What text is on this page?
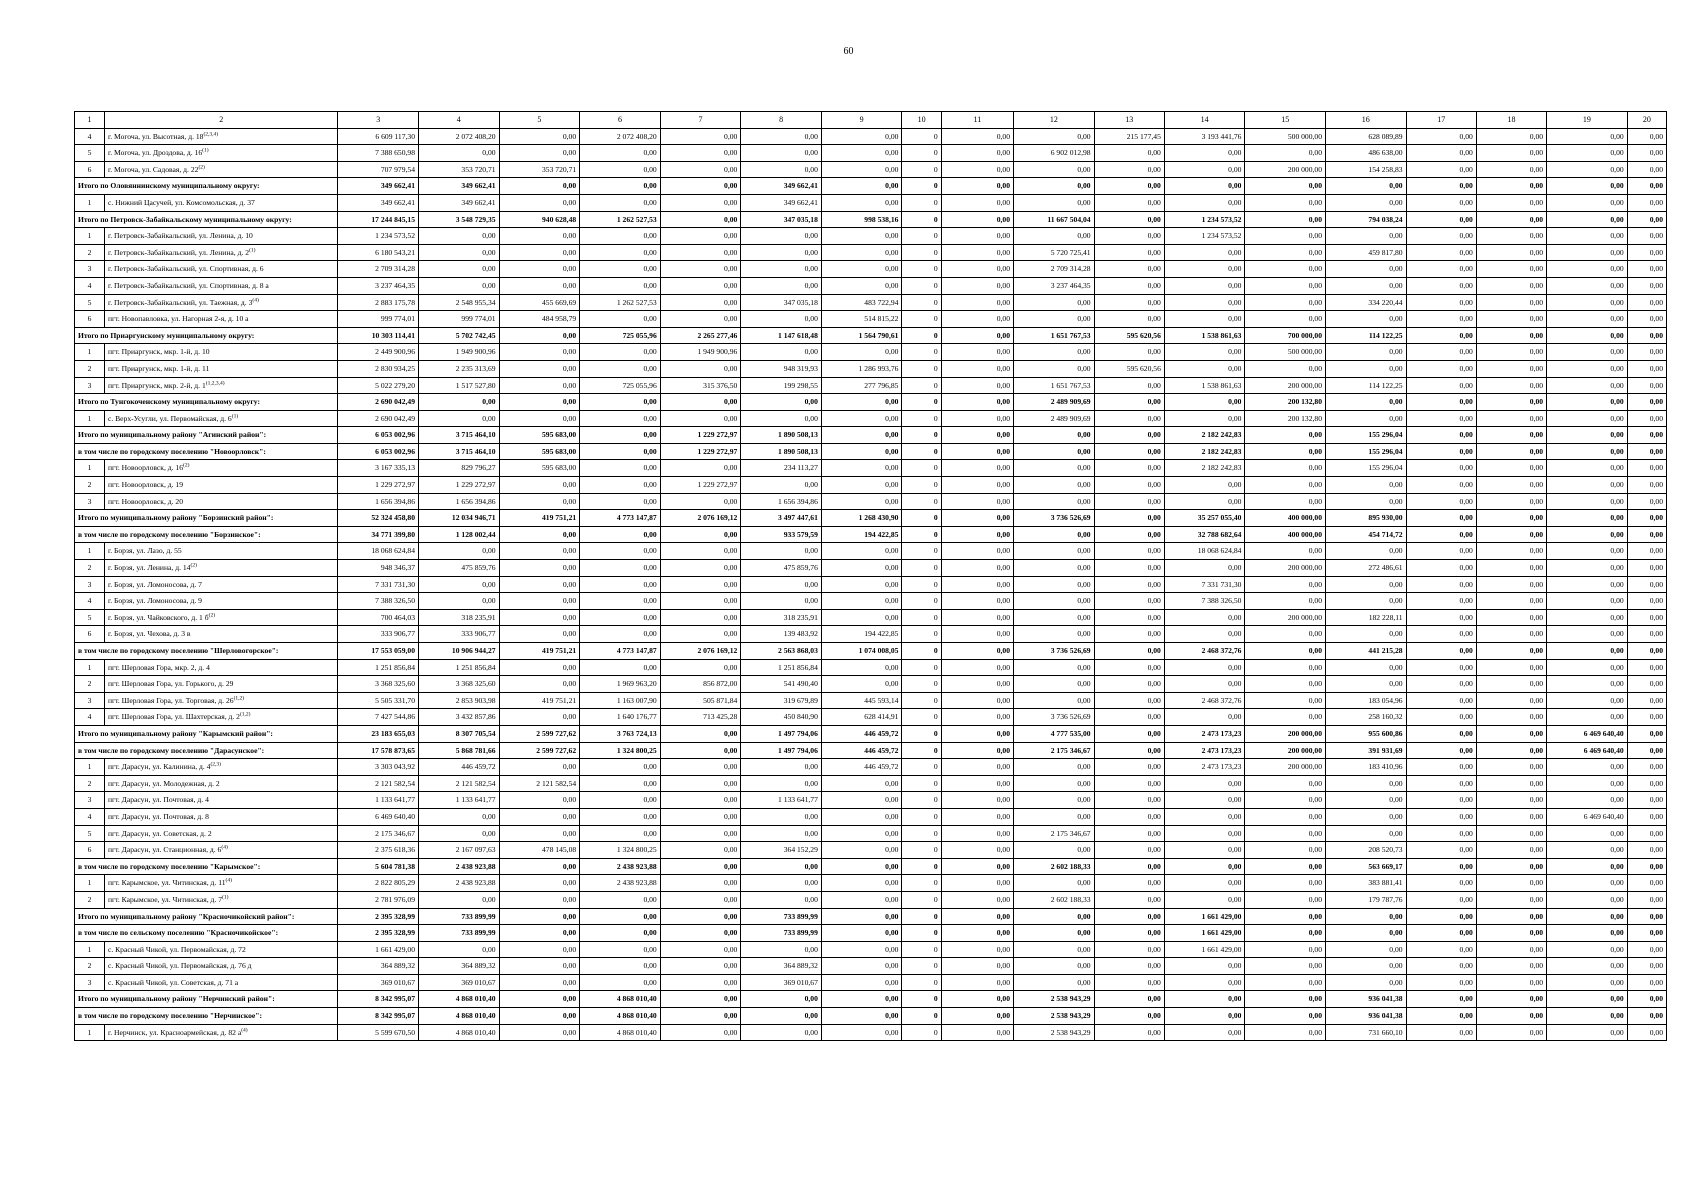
60
1	2	3	4	5	6	7	8	9	10	11	12	13	14	15	16	17	18	19	20
4	г. Могоча, ул. Высотная, д. 18$^{(2,3,4)}$	6 609 117,30	2 072 408,20	0,00	2 072 408,20	0,00	0,00	0,00	0	0,00	0,00	215 177,45	3 193 441,76	500 000,00	628 089,89	0,00	0,00	0,00	0,00
5	г. Могоча, ул. Дроздова, д. 16$^{(1)}$	7 388 650,98	0,00	0,00	0,00	0,00	0,00	0,00	0	0,00	6 902 012,98	0,00	0,00	0,00	486 638,00	0,00	0,00	0,00	0,00
6	г. Могоча, ул. Садовая, д. 22$^{(2)}$	707 979,54	353 720,71	353 720,71	0,00	0,00	0,00	0,00	0	0,00	0,00	0,00	0,00	200 000,00	154 258,83	0,00	0,00	0,00	0,00
Итого по Оловяннинскому муниципальному округу:		349 662,41	349 662,41	0,00	0,00	0,00	349 662,41	0,00	0	0,00	0,00	0,00	0,00	0,00	0,00	0,00	0,00	0,00	0,00
1	с. Нижний Цасучей, ул. Комсомольская, д. 37	349 662,41	349 662,41	0,00	0,00	0,00	349 662,41	0,00	0	0,00	0,00	0,00	0,00	0,00	0,00	0,00	0,00	0,00	0,00
Итого по Петровск-Забайкальскому муниципальному округу:		17 244 845,15	3 548 729,35	940 628,48	1 262 527,53	0,00	347 035,18	998 538,16	0	0,00	11 667 504,04	0,00	1 234 573,52	0,00	794 038,24	0,00	0,00	0,00	0,00
1	г. Петровск-Забайкальский, ул. Ленина, д. 10	1 234 573,52	0,00	0,00	0,00	0,00	0,00	0,00	0	0,00	0,00	0,00	1 234 573,52	0,00	0,00	0,00	0,00	0,00	0,00
2	г. Петровск-Забайкальский, ул. Ленина, д. 2$^{(1)}$	6 180 543,21	0,00	0,00	0,00	0,00	0,00	0,00	0	0,00	5 720 725,41	0,00	0,00	0,00	459 817,80	0,00	0,00	0,00	0,00
3	г. Петровск-Забайкальский, ул. Спортивная, д. 6	2 709 314,28	0,00	0,00	0,00	0,00	0,00	0,00	0	0,00	2 709 314,28	0,00	0,00	0,00	0,00	0,00	0,00	0,00	0,00
4	г. Петровск-Забайкальский, ул. Спортивная, д. 8 а	3 237 464,35	0,00	0,00	0,00	0,00	0,00	0,00	0	0,00	3 237 464,35	0,00	0,00	0,00	0,00	0,00	0,00	0,00	0,00
5	г. Петровск-Забайкальский, ул. Таежная, д. 3$^{(4)}$	2 883 175,78	2 548 955,34	455 669,69	1 262 527,53	0,00	347 035,18	483 722,94	0	0,00	0,00	0,00	0,00	0,00	334 220,44	0,00	0,00	0,00	0,00
6	пгт. Новопавловка, ул. Нагорная 2-я, д. 10 а	999 774,01	999 774,01	484 958,79	0,00	0,00	0,00	514 815,22	0	0,00	0,00	0,00	0,00	0,00	0,00	0,00	0,00	0,00	0,00
Итого по Приаргунскому муниципальному округу:		10 303 114,41	5 702 742,45	0,00	725 055,96	2 265 277,46	1 147 618,48	1 564 790,61	0	0,00	1 651 767,53	595 620,56	1 538 861,63	700 000,00	114 122,25	0,00	0,00	0,00	0,00
1	пгт. Приаргунск, мкр. 1-й, д. 10	2 449 900,96	1 949 900,96	0,00	0,00	1 949 900,96	0,00	0,00	0	0,00	0,00	0,00	0,00	500 000,00	0,00	0,00	0,00	0,00	0,00
2	пгт. Приаргунск, мкр. 1-й, д. 11	2 830 934,25	2 235 313,69	0,00	0,00	0,00	948 319,93	1 286 993,76	0	0,00	0,00	595 620,56	0,00	0,00	0,00	0,00	0,00	0,00	0,00
3	пгт. Приаргунск, мкр. 2-й, д. 1$^{(1,2,3,4)}$	5 022 279,20	1 517 527,80	0,00	725 055,96	315 376,50	199 298,55	277 796,85	0	0,00	1 651 767,53	0,00	1 538 861,63	200 000,00	114 122,25	0,00	0,00	0,00	0,00
Итого по Тунгокоченскому муниципальному округу:		2 690 042,49	0,00	0,00	0,00	0,00	0,00	0,00	0	0,00	2 489 909,69	0,00	0,00	200 132,80	0,00	0,00	0,00	0,00	0,00
1	с. Верх-Усугли, ул. Первомайская, д. 6$^{(1)}$	2 690 042,49	0,00	0,00	0,00	0,00	0,00	0,00	0	0,00	2 489 909,69	0,00	0,00	200 132,80	0,00	0,00	0,00	0,00	0,00
Итого по муниципальному району "Агинский район":		6 053 002,96	3 715 464,10	595 683,00	0,00	1 229 272,97	1 890 508,13	0,00	0	0,00	0,00	0,00	2 182 242,83	0,00	155 296,04	0,00	0,00	0,00	0,00
в том числе по городскому поселению "Новоорловск":		6 053 002,96	3 715 464,10	595 683,00	0,00	1 229 272,97	1 890 508,13	0,00	0	0,00	0,00	0,00	2 182 242,83	0,00	155 296,04	0,00	0,00	0,00	0,00
1	пгт. Новоорловск, д. 16$^{(2)}$	3 167 335,13	829 796,27	595 683,00	0,00	0,00	234 113,27	0,00	0	0,00	0,00	0,00	2 182 242,83	0,00	155 296,04	0,00	0,00	0,00	0,00
2	пгт. Новоорловск, д. 19	1 229 272,97	1 229 272,97	0,00	0,00	1 229 272,97	0,00	0,00	0	0,00	0,00	0,00	0,00	0,00	0,00	0,00	0,00	0,00	0,00
3	пгт. Новоорловск, д. 20	1 656 394,86	1 656 394,86	0,00	0,00	0,00	1 656 394,86	0,00	0	0,00	0,00	0,00	0,00	0,00	0,00	0,00	0,00	0,00	0,00
Итого по муниципальному району "Борзинский район":		52 324 458,80	12 034 946,71	419 751,21	4 773 147,87	2 076 169,12	3 497 447,61	1 268 430,90	0	0,00	3 736 526,69	0,00	35 257 055,40	400 000,00	895 930,00	0,00	0,00	0,00	0,00
в том числе по городскому поселению "Борзинское":		34 771 399,80	1 128 002,44	0,00	0,00	0,00	933 579,59	194 422,85	0	0,00	0,00	0,00	32 788 682,64	400 000,00	454 714,72	0,00	0,00	0,00	0,00
1	г. Борзя, ул. Лазо, д. 55	18 068 624,84	0,00	0,00	0,00	0,00	0,00	0,00	0	0,00	0,00	0,00	18 068 624,84	0,00	0,00	0,00	0,00	0,00	0,00
2	г. Борзя, ул. Ленина, д. 14$^{(2)}$	948 346,37	475 859,76	0,00	0,00	0,00	475 859,76	0,00	0	0,00	0,00	0,00	0,00	200 000,00	272 486,61	0,00	0,00	0,00	0,00
3	г. Борзя, ул. Ломоносова, д. 7	7 331 731,30	0,00	0,00	0,00	0,00	0,00	0,00	0	0,00	0,00	0,00	7 331 731,30	0,00	0,00	0,00	0,00	0,00	0,00
4	г. Борзя, ул. Ломоносова, д. 9	7 388 326,50	0,00	0,00	0,00	0,00	0,00	0,00	0	0,00	0,00	0,00	7 388 326,50	0,00	0,00	0,00	0,00	0,00	0,00
5	г. Борзя, ул. Чайковского, д. 1 $б^{(2)}$	700 464,03	318 235,91	0,00	0,00	0,00	318 235,91	0,00	0	0,00	0,00	0,00	0,00	200 000,00	182 228,11	0,00	0,00	0,00	0,00
6	г. Борзя, ул. Чехова, д. 3 в	333 906,77	333 906,77	0,00	0,00	0,00	139 483,92	194 422,85	0	0,00	0,00	0,00	0,00	0,00	0,00	0,00	0,00	0,00	0,00
в том числе по городскому поселению "Шерловогорское":		17 553 059,00	10 906 944,27	419 751,21	4 773 147,87	2 076 169,12	2 563 868,03	1 074 008,05	0	0,00	3 736 526,69	0,00	2 468 372,76	0,00	441 215,28	0,00	0,00	0,00	0,00
1	пгт. Шерловая Гора, мкр. 2, д. 4	1 251 856,84	1 251 856,84	0,00	0,00	0,00	1 251 856,84	0,00	0	0,00	0,00	0,00	0,00	0,00	0,00	0,00	0,00	0,00	0,00
2	пгт. Шерловая Гора, ул. Горького, д. 29	3 368 325,60	3 368 325,60	0,00	1 969 963,20	856 872,00	541 490,40	0,00	0	0,00	0,00	0,00	0,00	0,00	0,00	0,00	0,00	0,00	0,00
3	пгт. Шерловая Гора, ул. Торговая, д. 26$^{(1,2)}$	5 505 331,70	2 853 903,98	419 751,21	1 163 007,90	505 871,84	319 679,89	445 593,14	0	0,00	0,00	0,00	2 468 372,76	0,00	183 054,96	0,00	0,00	0,00	0,00
4	пгт. Шерловая Гора, ул. Шахтерская, д. 2$^{(1,2)}$	7 427 544,86	3 432 857,86	0,00	1 640 176,77	713 425,28	450 840,90	628 414,91	0	0,00	3 736 526,69	0,00	0,00	0,00	258 160,32	0,00	0,00	0,00	0,00
Итого по муниципальному району "Карымский район":		23 183 655,03	8 307 705,54	2 599 727,62	3 763 724,13	0,00	1 497 794,06	446 459,72	0	0,00	4 777 535,00	0,00	2 473 173,23	200 000,00	955 600,86	0,00	0,00	6 469 640,40	0,00
в том числе по городскому поселению "Дарасунское":		17 578 873,65	5 868 781,66	2 599 727,62	1 324 800,25	0,00	1 497 794,06	446 459,72	0	0,00	2 175 346,67	0,00	2 473 173,23	200 000,00	391 931,69	0,00	0,00	6 469 640,40	0,00
1	пгт. Дарасун, ул. Калинина, д. 4$^{(2,3)}$	3 303 043,92	446 459,72	0,00	0,00	0,00	0,00	446 459,72	0	0,00	0,00	0,00	2 473 173,23	200 000,00	183 410,96	0,00	0,00	0,00	0,00
2	пгт. Дарасун, ул. Молодежная, д. 2	2 121 582,54	2 121 582,54	2 121 582,54	0,00	0,00	0,00	0,00	0	0,00	0,00	0,00	0,00	0,00	0,00	0,00	0,00	0,00	0,00
3	пгт. Дарасун, ул. Почтовая, д. 4	1 133 641,77	1 133 641,77	0,00	0,00	0,00	1 133 641,77	0,00	0	0,00	0,00	0,00	0,00	0,00	0,00	0,00	0,00	0,00	0,00
4	пгт. Дарасун, ул. Почтовая, д. 8	6 469 640,40	0,00	0,00	0,00	0,00	0,00	0,00	0	0,00	0,00	0,00	0,00	0,00	0,00	0,00	0,00	6 469 640,40	0,00
5	пгт. Дарасун, ул. Советская, д. 2	2 175 346,67	0,00	0,00	0,00	0,00	0,00	0,00	0	0,00	2 175 346,67	0,00	0,00	0,00	0,00	0,00	0,00	0,00	0,00
6	пгт. Дарасун, ул. Станционная, д. 6$^{(4)}$	2 375 618,36	2 167 097,63	478 145,08	1 324 800,25	0,00	364 152,29	0,00	0	0,00	0,00	0,00	0,00	0,00	208 520,73	0,00	0,00	0,00	0,00
в том числе по городскому поселению "Карымское":		5 604 781,38	2 438 923,88	0,00	2 438 923,88	0,00	0,00	0,00	0	0,00	2 602 188,33	0,00	0,00	0,00	563 669,17	0,00	0,00	0,00	0,00
1	пгт. Карымское, ул. Читинская, д. 11$^{(4)}$	2 822 805,29	2 438 923,88	0,00	2 438 923,88	0,00	0,00	0,00	0	0,00	0,00	0,00	0,00	0,00	383 881,41	0,00	0,00	0,00	0,00
2	пгт. Карымское, ул. Читинская, д. 7$^{(1)}$	2 781 976,09	0,00	0,00	0,00	0,00	0,00	0,00	0	0,00	2 602 188,33	0,00	0,00	0,00	179 787,76	0,00	0,00	0,00	0,00
Итого по муниципальному району "Красночикойский район":		2 395 328,99	733 899,99	0,00	0,00	0,00	733 899,99	0,00	0	0,00	0,00	0,00	1 661 429,00	0,00	0,00	0,00	0,00	0,00	0,00
в том числе по сельскому поселению "Красночикойское":		2 395 328,99	733 899,99	0,00	0,00	0,00	733 899,99	0,00	0	0,00	0,00	0,00	1 661 429,00	0,00	0,00	0,00	0,00	0,00	0,00
1	с. Красный Чикой, ул. Первомайская, д. 72	1 661 429,00	0,00	0,00	0,00	0,00	0,00	0,00	0	0,00	0,00	0,00	1 661 429,00	0,00	0,00	0,00	0,00	0,00	0,00
2	с. Красный Чикой, ул. Первомайская, д. 76 д	364 889,32	364 889,32	0,00	0,00	0,00	364 889,32	0,00	0	0,00	0,00	0,00	0,00	0,00	0,00	0,00	0,00	0,00	0,00
3	с. Красный Чикой, ул. Советская, д. 71 а	369 010,67	369 010,67	0,00	0,00	0,00	369 010,67	0,00	0	0,00	0,00	0,00	0,00	0,00	0,00	0,00	0,00	0,00	0,00
Итого по муниципальному району "Нерчинский район":		8 342 995,07	4 868 010,40	0,00	4 868 010,40	0,00	0,00	0,00	0	0,00	2 538 943,29	0,00	0,00	0,00	936 041,38	0,00	0,00	0,00	0,00
в том числе по городскому поселению "Нерчинское":		8 342 995,07	4 868 010,40	0,00	4 868 010,40	0,00	0,00	0,00	0	0,00	2 538 943,29	0,00	0,00	0,00	936 041,38	0,00	0,00	0,00	0,00
1	г. Нерчинск, ул. Красноармейская, д. 82 $а^{(4)}$	5 599 670,50	4 868 010,40	0,00	4 868 010,40	0,00	0,00	0,00	0	0,00	2 538 943,29	0,00	0,00	0,00	731 660,10	0,00	0,00	0,00	0,00
